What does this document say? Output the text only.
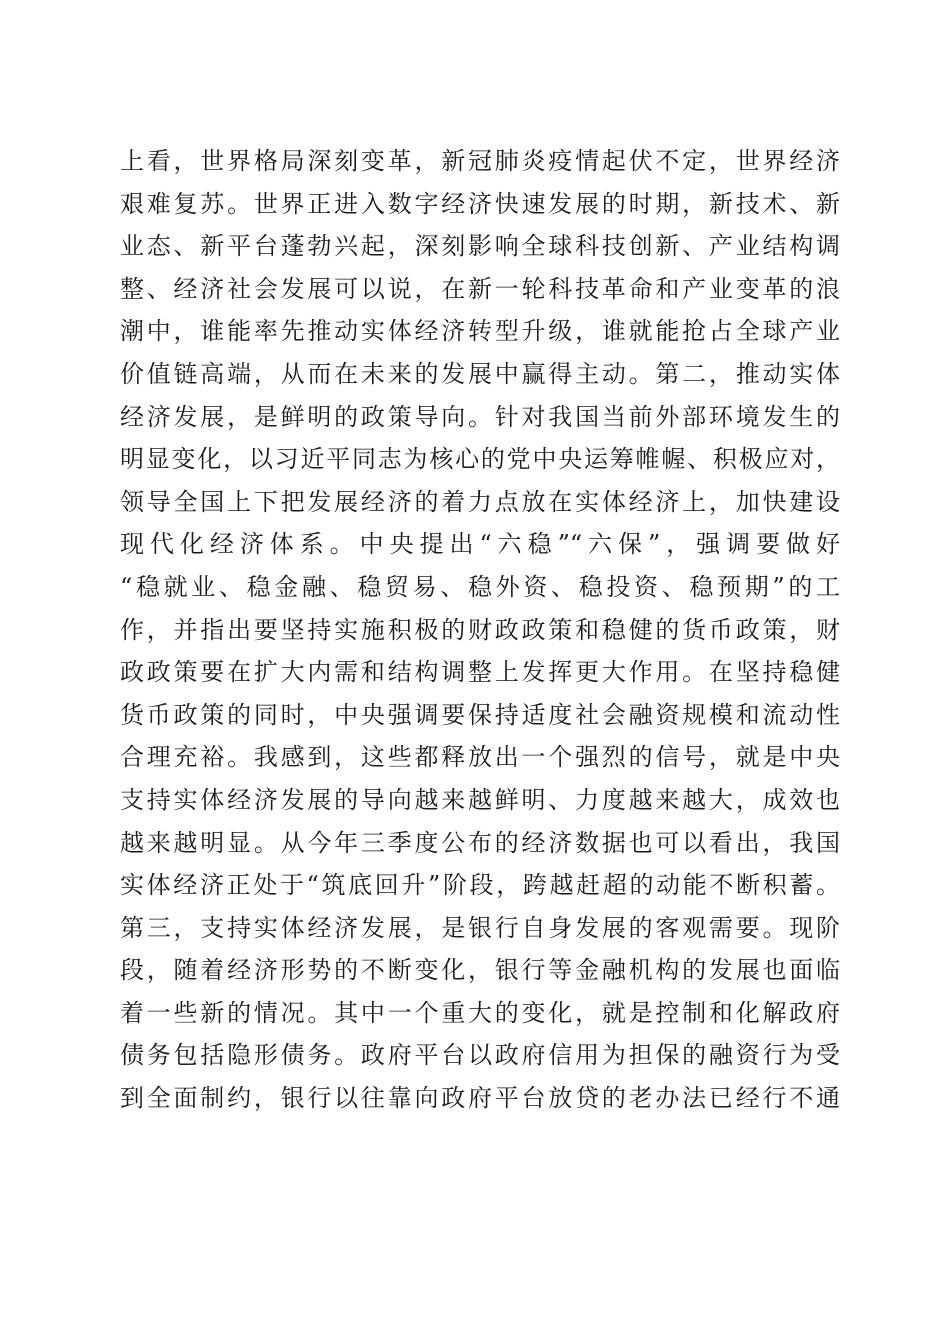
上看，世界格局深刻变革，新冠肺炎疫情起伏不定，世界经济
艰难复苏。世界正进入数字经济快速发展的时期，新技术、新
业态、新平台蓬勃兴起，深刻影响全球科技创新、产业结构调
整、经济社会发展可以说，在新一轮科技革命和产业变革的浪
潮中，谁能率先推动实体经济转型升级，谁就能抢占全球产业
价值链高端，从而在未来的发展中赢得主动。第二，推动实体
经济发展，是鲜明的政策导向。针对我国当前外部环境发生的
明显变化，以习近平同志为核心的党中央运筹帷幄、积极应对，
领导全国上下把发展经济的着力点放在实体经济上，加快建设
现代化经济体系。中央提出“六稳”“六保”，强调要做好
“稳就业、稳金融、稳贸易、稳外资、稳投资、稳预期”的工
作，并指出要坚持实施积极的财政政策和稳健的货币政策，财
政政策要在扩大内需和结构调整上发挥更大作用。在坚持稳健
货币政策的同时，中央强调要保持适度社会融资规模和流动性
合理充裕。我感到，这些都释放出一个强烈的信号，就是中央
支持实体经济发展的导向越来越鲜明、力度越来越大，成效也
越来越明显。从今年三季度公布的经济数据也可以看出，我国
实体经济正处于“筑底回升”阶段，跨越赶超的动能不断积蓄。
第三，支持实体经济发展，是银行自身发展的客观需要。现阶
段，随着经济形势的不断变化，银行等金融机构的发展也面临
着一些新的情况。其中一个重大的变化，就是控制和化解政府
债务包括隐形债务。政府平台以政府信用为担保的融资行为受
到全面制约，银行以往靠向政府平台放贷的老办法已经行不通
